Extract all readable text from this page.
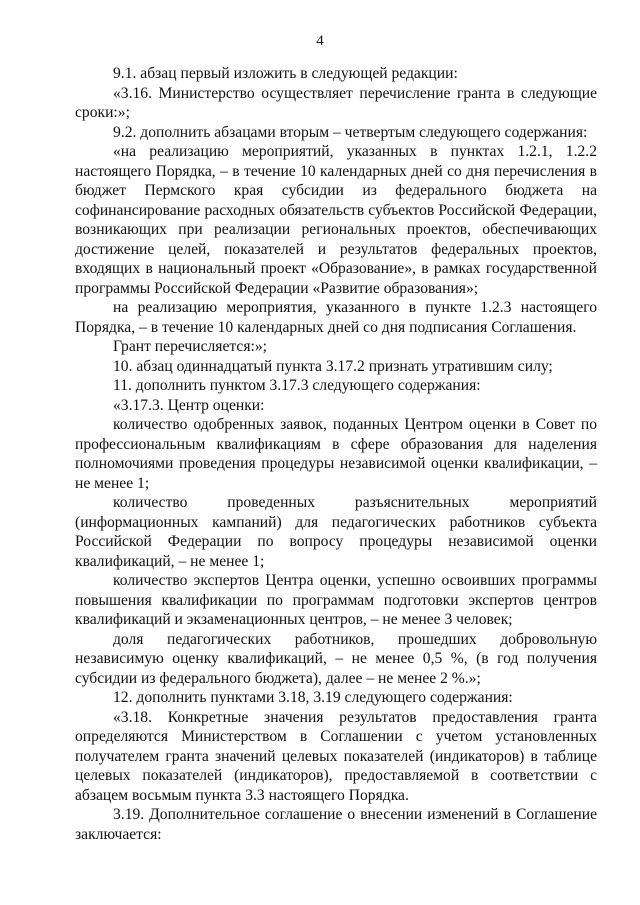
4

9.1. абзац первый изложить в следующей редакции:

«3.16. Министерство осуществляет перечисление гранта в следующие сроки:»;

9.2. дополнить абзацами вторым – четвертым следующего содержания:

«на реализацию мероприятий, указанных в пунктах 1.2.1, 1.2.2 настоящего Порядка, – в течение 10 календарных дней со дня перечисления в бюджет Пермского края субсидии из федерального бюджета на софинансирование расходных обязательств субъектов Российской Федерации, возникающих при реализации региональных проектов, обеспечивающих достижение целей, показателей и результатов федеральных проектов, входящих в национальный проект «Образование», в рамках государственной программы Российской Федерации «Развитие образования»;

на реализацию мероприятия, указанного в пункте 1.2.3 настоящего Порядка, – в течение 10 календарных дней со дня подписания Соглашения.

Грант перечисляется:»;

10. абзац одиннадцатый пункта 3.17.2 признать утратившим силу;

11. дополнить пунктом 3.17.3 следующего содержания:

«3.17.3. Центр оценки:

количество одобренных заявок, поданных Центром оценки в Совет по профессиональным квалификациям в сфере образования для наделения полномочиями проведения процедуры независимой оценки квалификации, – не менее 1;

количество проведенных разъяснительных мероприятий (информационных кампаний) для педагогических работников субъекта Российской Федерации по вопросу процедуры независимой оценки квалификаций, – не менее 1;

количество экспертов Центра оценки, успешно освоивших программы повышения квалификации по программам подготовки экспертов центров квалификаций и экзаменационных центров, – не менее 3 человек;

доля педагогических работников, прошедших добровольную независимую оценку квалификаций, – не менее 0,5 %, (в год получения субсидии из федерального бюджета), далее – не менее 2 %.»;

12. дополнить пунктами 3.18, 3.19 следующего содержания:

«3.18. Конкретные значения результатов предоставления гранта определяются Министерством в Соглашении с учетом установленных получателем гранта значений целевых показателей (индикаторов) в таблице целевых показателей (индикаторов), предоставляемой в соответствии с абзацем восьмым пункта 3.3 настоящего Порядка.

3.19. Дополнительное соглашение о внесении изменений в Соглашение заключается:
